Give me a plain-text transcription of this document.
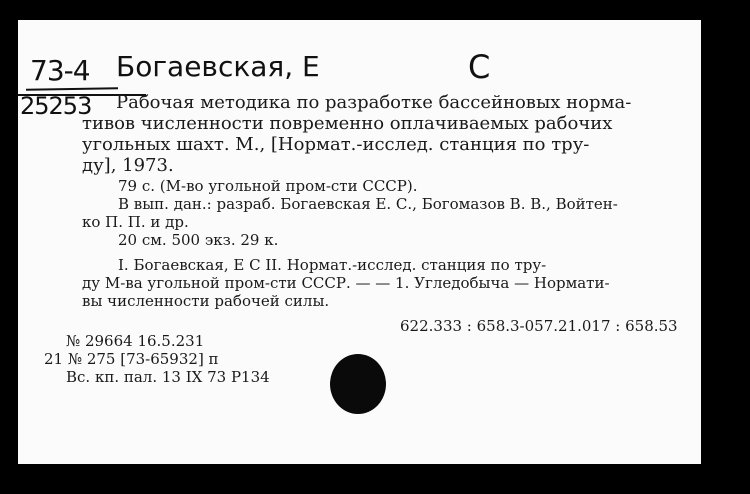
73-4
25253
Богаевская, Е	С
Рабочая методика по разработке бассейновых норма-
тивов численности повременно оплачиваемых рабочих
угольных шахт. М., [Нормат.-исслед. станция по тру-
ду], 1973.
79 с. (М-во угольной пром-сти СССР).
В вып. дан.: разраб. Богаевская Е. С., Богомазов В. В., Войтен-
ко П. П. и др.
20 см. 500 экз. 29 к.
I. Богаевская, Е С II. Нормат.-исслед. станция по тру-
ду М-ва угольной пром-сти СССР. — — 1. Угледобыча — Нормати-
вы численности рабочей силы.
622.333 : 658.3-057.21.017 : 658.53
№ 29664 16.5.231
21 № 275 [73-65932] п
Вс. кп. пал. 13 IX 73 Р134
